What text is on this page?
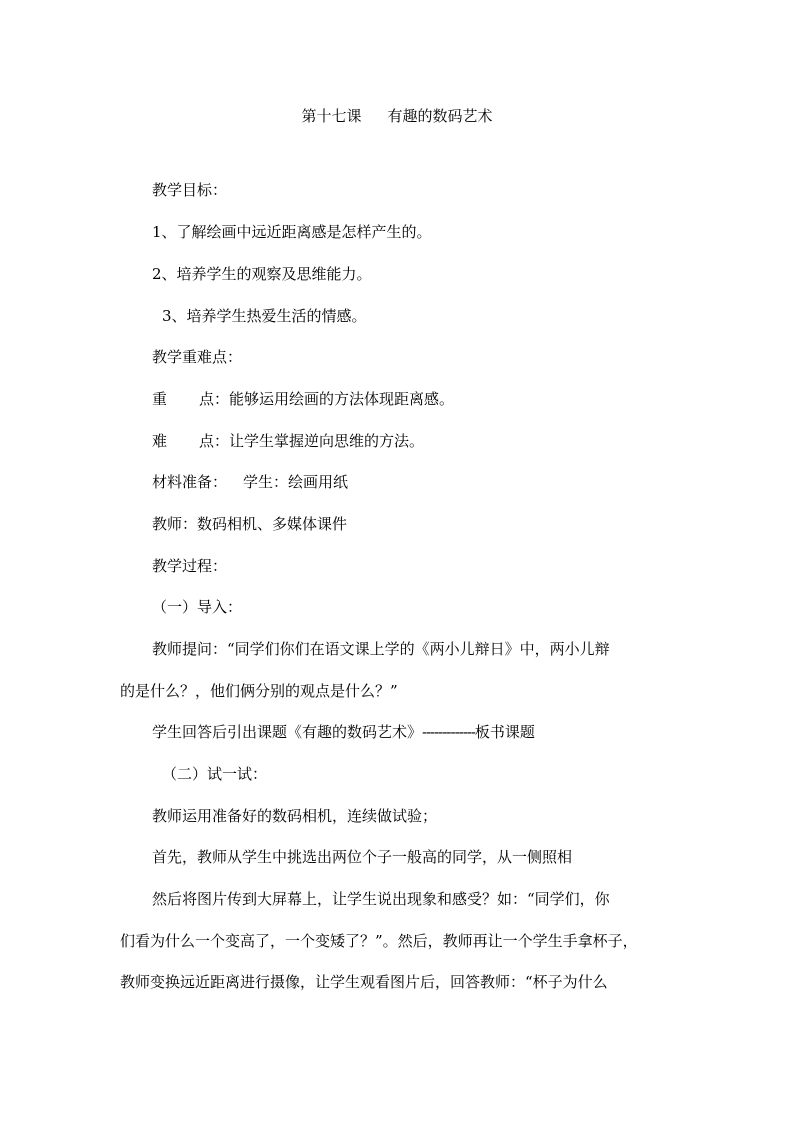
第十七课 有趣的数码艺术
教学目标：
1、了解绘画中远近距离感是怎样产生的。
2、培养学生的观察及思维能力。
3、培养学生热爱生活的情感。
教学重难点：
重 点：能够运用绘画的方法体现距离感。
难 点：让学生掌握逆向思维的方法。
材料准备： 学生：绘画用纸
教师：数码相机、多媒体课件
教学过程：
（一）导入：
教师提问：“同学们你们在语文课上学的《两小儿辩日》中，两小儿辩
的是什么？，他们俩分别的观点是什么？”
学生回答后引出课题《有趣的数码艺术》-------------板书课题
（二）试一试：
教师运用准备好的数码相机，连续做试验；
首先，教师从学生中挑选出两位个子一般高的同学，从一侧照相
然后将图片传到大屏幕上，让学生说出现象和感受？如：“同学们，你
们看为什么一个变高了，一个变矮了？”。然后，教师再让一个学生手拿杯子，
教师变换远近距离进行摄像，让学生观看图片后，回答教师：“杯子为什么
